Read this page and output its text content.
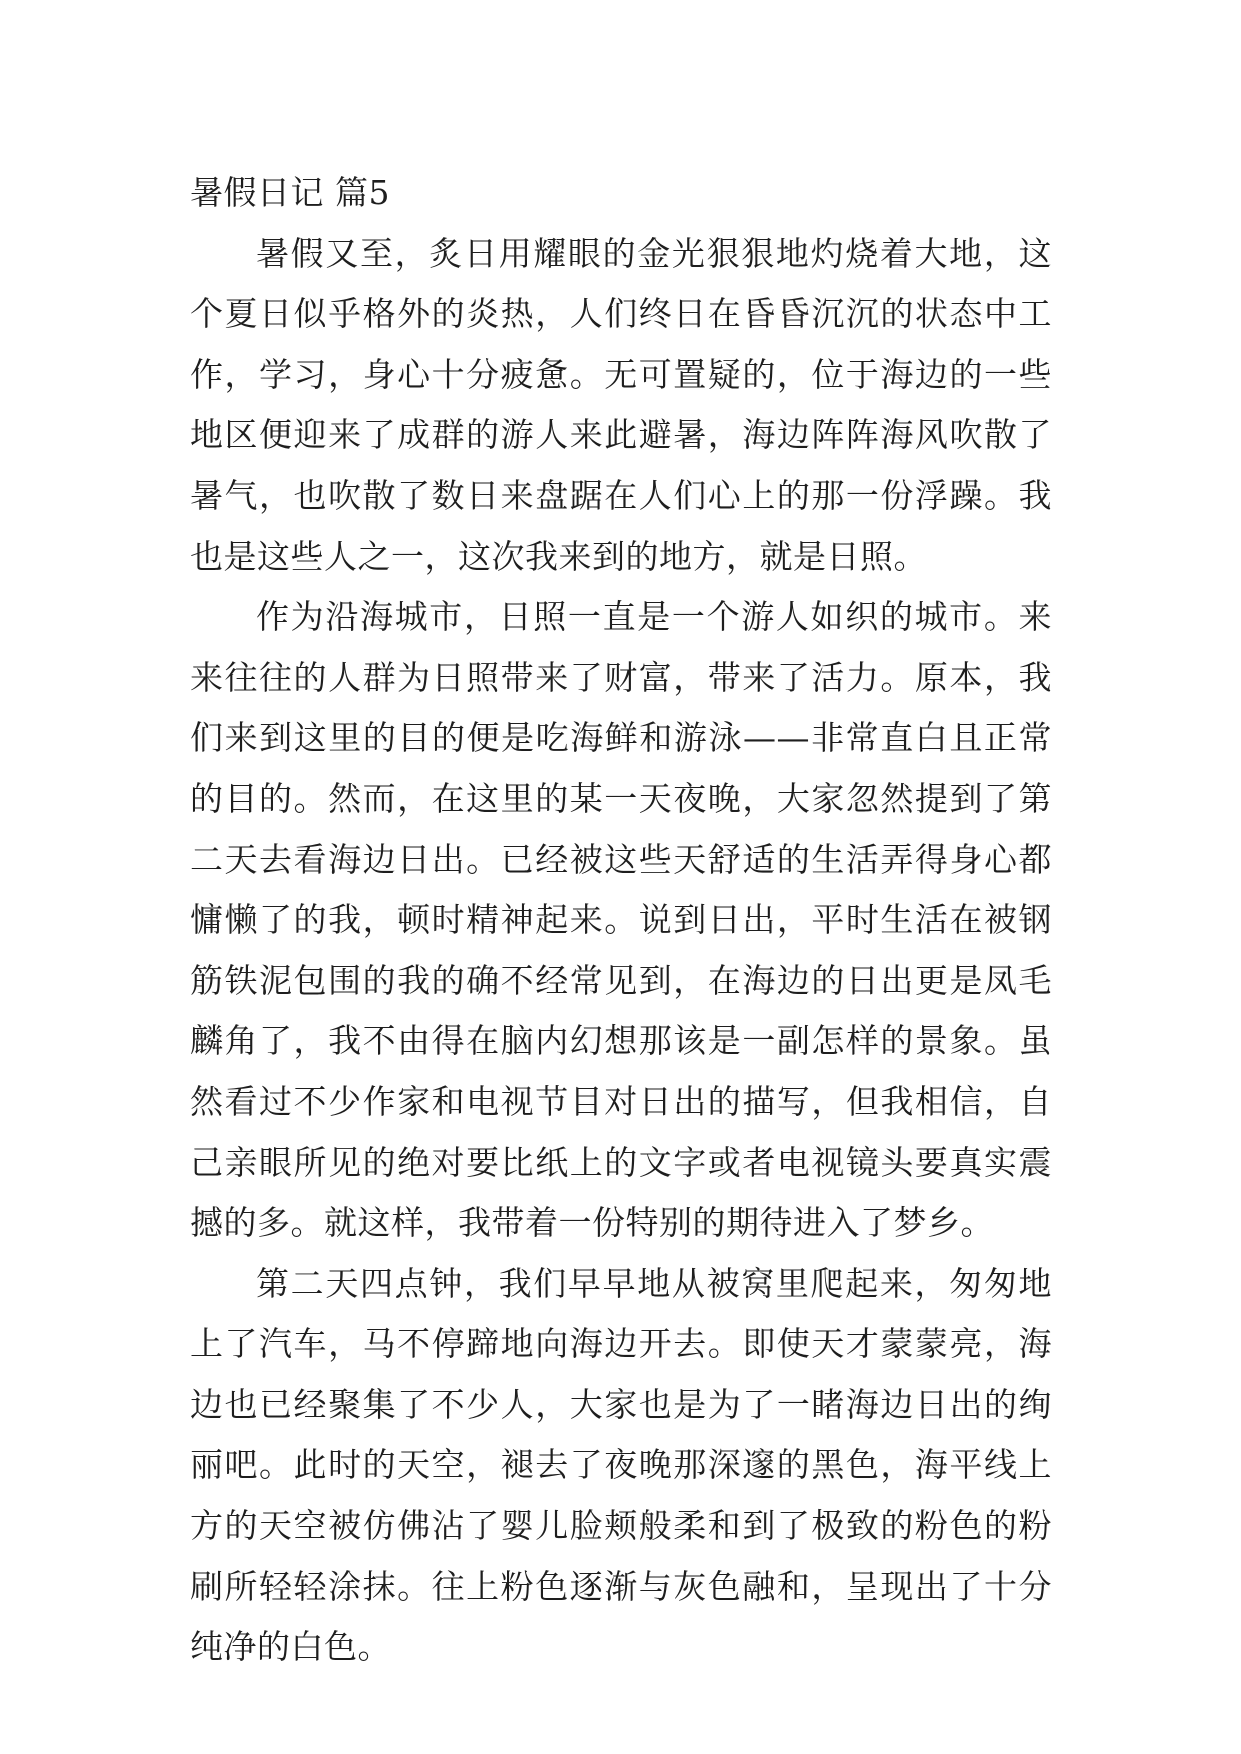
暑假日记 篇5

暑假又至，炙日用耀眼的金光狠狠地灼烧着大地，这个夏日似乎格外的炎热，人们终日在昏昏沉沉的状态中工作，学习，身心十分疲惫。无可置疑的，位于海边的一些地区便迎来了成群的游人来此避暑，海边阵阵海风吹散了暑气，也吹散了数日来盘踞在人们心上的那一份浮躁。我也是这些人之一，这次我来到的地方，就是日照。

作为沿海城市，日照一直是一个游人如织的城市。来来往往的人群为日照带来了财富，带来了活力。原本，我们来到这里的目的便是吃海鲜和游泳——非常直白且正常的目的。然而，在这里的某一天夜晚，大家忽然提到了第二天去看海边日出。已经被这些天舒适的生活弄得身心都慵懒了的我，顿时精神起来。说到日出，平时生活在被钢筋铁泥包围的我的确不经常见到，在海边的日出更是凤毛麟角了，我不由得在脑内幻想那该是一副怎样的景象。虽然看过不少作家和电视节目对日出的描写，但我相信，自己亲眼所见的绝对要比纸上的文字或者电视镜头要真实震撼的多。就这样，我带着一份特别的期待进入了梦乡。

第二天四点钟，我们早早地从被窝里爬起来，匆匆地上了汽车，马不停蹄地向海边开去。即使天才蒙蒙亮，海边也已经聚集了不少人，大家也是为了一睹海边日出的绚丽吧。此时的天空，褪去了夜晚那深邃的黑色，海平线上方的天空被仿佛沾了婴儿脸颊般柔和到了极致的粉色的粉刷所轻轻涂抹。往上粉色逐渐与灰色融和，呈现出了十分纯净的白色。
